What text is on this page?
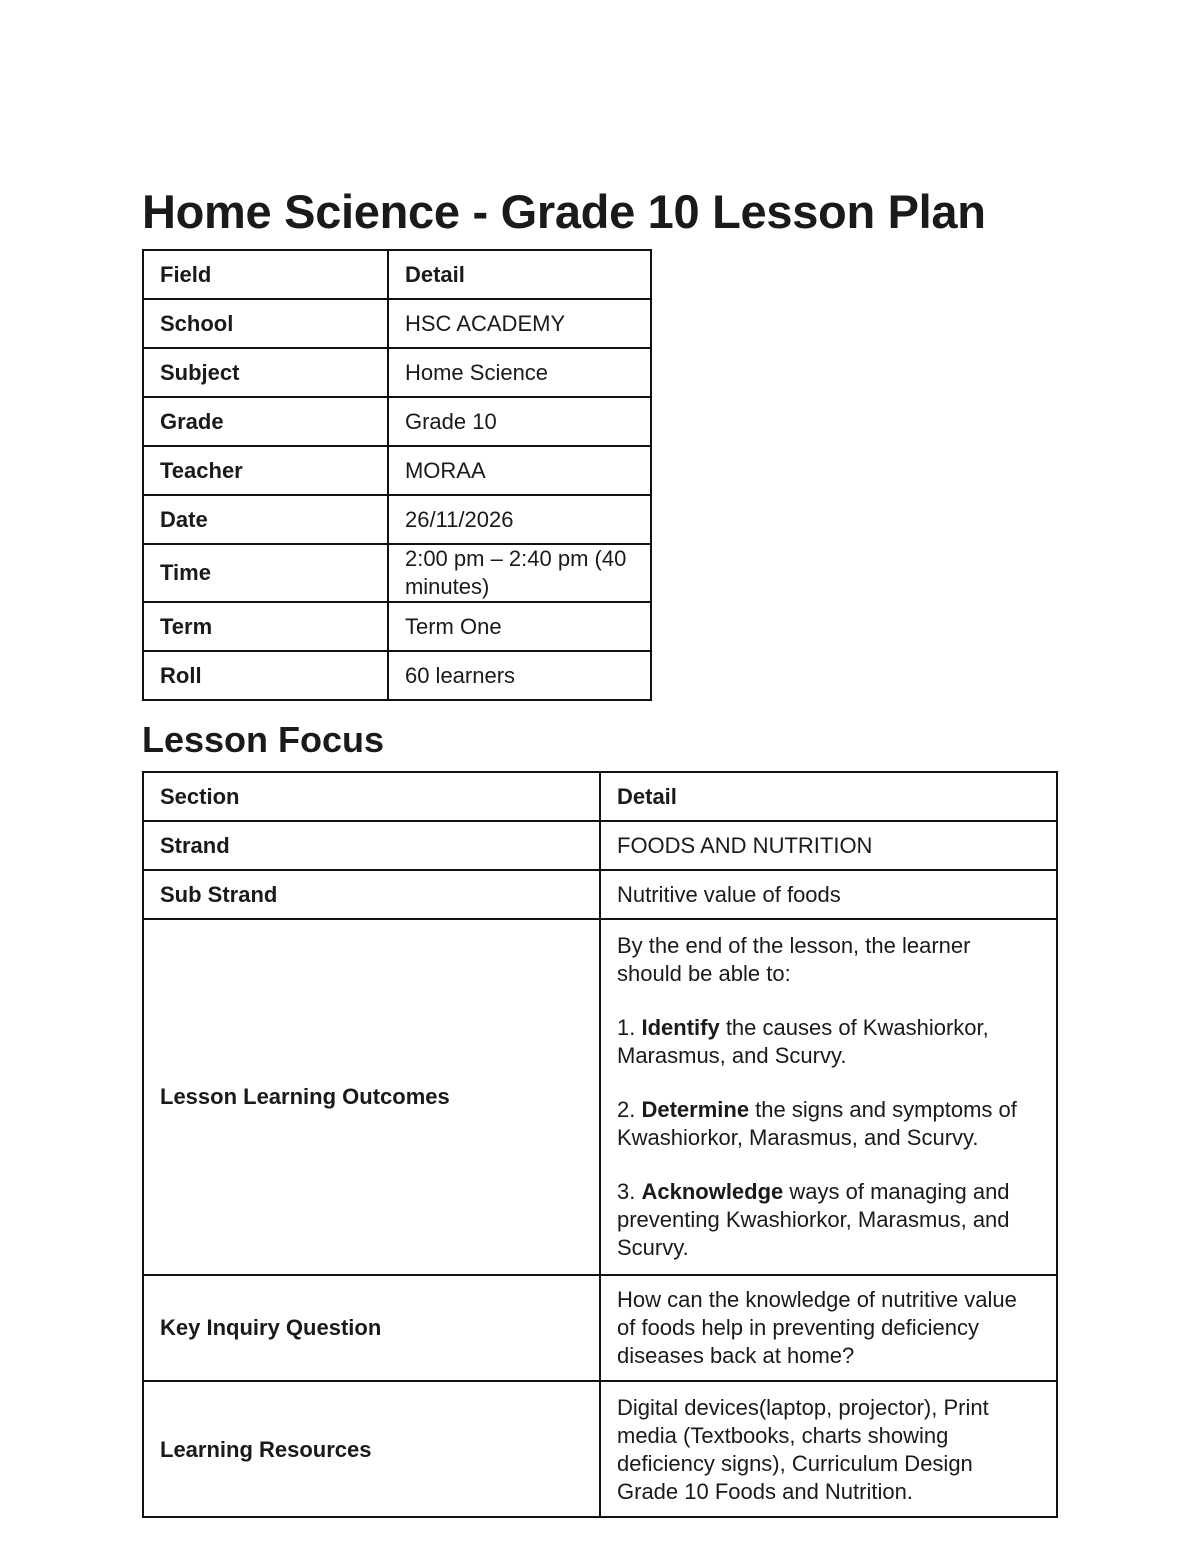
Home Science - Grade 10 Lesson Plan
Field	Detail
School	HSC ACADEMY
Subject	Home Science
Grade	Grade 10
Teacher	MORAA
Date	26/11/2026
Time	2:00 pm – 2:40 pm (40 minutes)
Term	Term One
Roll	60 learners
Lesson Focus
Section	Detail
Strand	FOODS AND NUTRITION
Sub Strand	Nutritive value of foods
Lesson Learning Outcomes	By the end of the lesson, the learner should be able to:

1. Identify the causes of Kwashiorkor, Marasmus, and Scurvy.

2. Determine the signs and symptoms of Kwashiorkor, Marasmus, and Scurvy.

3. Acknowledge ways of managing and preventing Kwashiorkor, Marasmus, and Scurvy.

Key Inquiry Question	How can the knowledge of nutritive value of foods help in preventing deficiency diseases back at home?
Learning Resources	Digital devices(laptop, projector), Print media (Textbooks, charts showing deficiency signs), Curriculum Design Grade 10 Foods and Nutrition.
